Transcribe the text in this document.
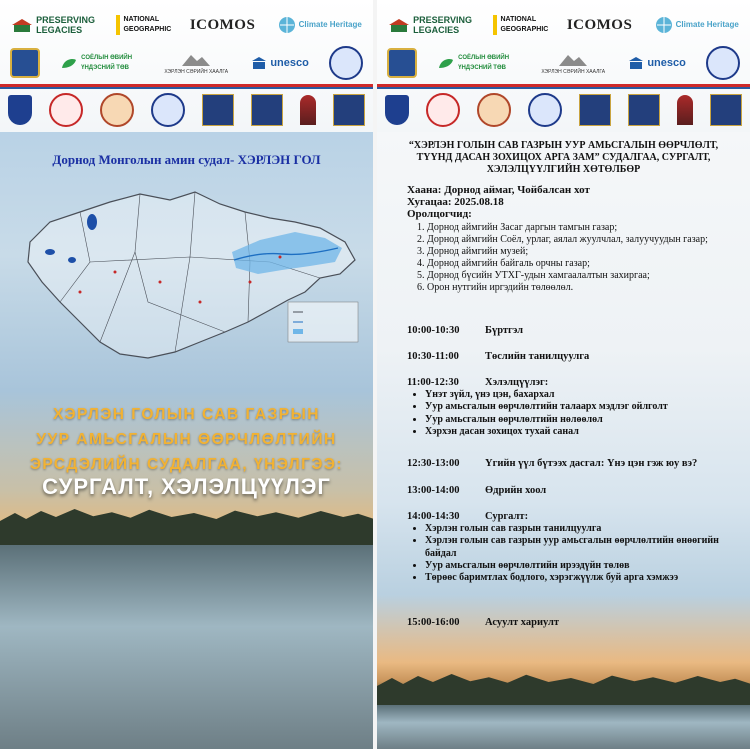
PRESERVING LEGACIES
NATIONAL GEOGRAPHIC ICOMOS	Climate Heritage
СОЁЛЫН ӨВИЙН ҮНДЭСНИЙ ТӨВ
ХЭРЛЭН СӘРИЙН ХААЛГА
unesco
Дорнод Монголын амин судал- ХЭРЛЭН ГОЛ
ХЭРЛЭН ГОЛЫН САВ ГАЗРЫН
УУР АМЬСГАЛЫН ӨӨРЧЛӨЛТИЙН
ЭРСДЭЛИЙН СУДАЛГАА, ҮНЭЛГЭЭ:
СУРГАЛТ, ХЭЛЭЛЦҮҮЛЭГ
PRESERVING LEGACIES
NATIONAL GEOGRAPHIC ICOMOS	Climate Heritage
СОЁЛЫН ӨВИЙН ҮНДЭСНИЙ ТӨВ
ХЭРЛЭН СӘРИЙН ХААЛГА
unesco
“ХЭРЛЭН ГОЛЫН САВ ГАЗРЫН УУР АМЬСГАЛЫН ӨӨРЧЛӨЛТ, ТҮҮНД ДАСАН ЗОХИЦОХ АРГА ЗАМ” СУДАЛГАА, СУРГАЛТ, ХЭЛЭЛЦҮҮЛГИЙН ХӨТӨЛБӨР
Хаана: Дорнод аймаг, Чойбалсан хот
Хугацаа: 2025.08.18
Оролцогчид:
1. Дорнод аймгийн Засаг даргын тамгын газар;
2. Дорнод аймгийн Соёл, урлаг, аялал жуулчлал, залуучуудын газар;
3. Дорнод аймгийн музей;
4. Дорнод аймгийн байгаль орчны газар;
5. Дорнод бүсийн УТХГ-удын хамгаалалтын захиргаа;
6. Орон нутгийн иргэдийн төлөөлөл.
10:00-10:30 Бүртгэл
10:30-11:00 Төслийн танилцуулга
11:00-12:30 Хэлэлцүүлэг:
• Үнэт зүйл, үнэ цэн, бахархал
• Уур амьсгалын өөрчлөлтийн талаарх мэдлэг ойлголт
• Уур амьсгалын өөрчлөлтийн нөлөөлөл
• Хэрхэн дасан зохицох тухай санал
12:30-13:00 Үгийн үүл бүтээх дасгал: Үнэ цэн гэж юу вэ?
13:00-14:00 Өдрийн хоол
14:00-14:30 Сургалт:
• Хэрлэн голын сав газрын танилцуулга
• Хэрлэн голын сав газрын уур амьсгалын өөрчлөлтийн өнөөгийн байдал
• Уур амьсгалын өөрчлөлтийн ирээдүйн төлөв
• Төрөөс баримтлах бодлого, хэрэгжүүлж буй арга хэмжээ
15:00-16:00 Асуулт хариулт
